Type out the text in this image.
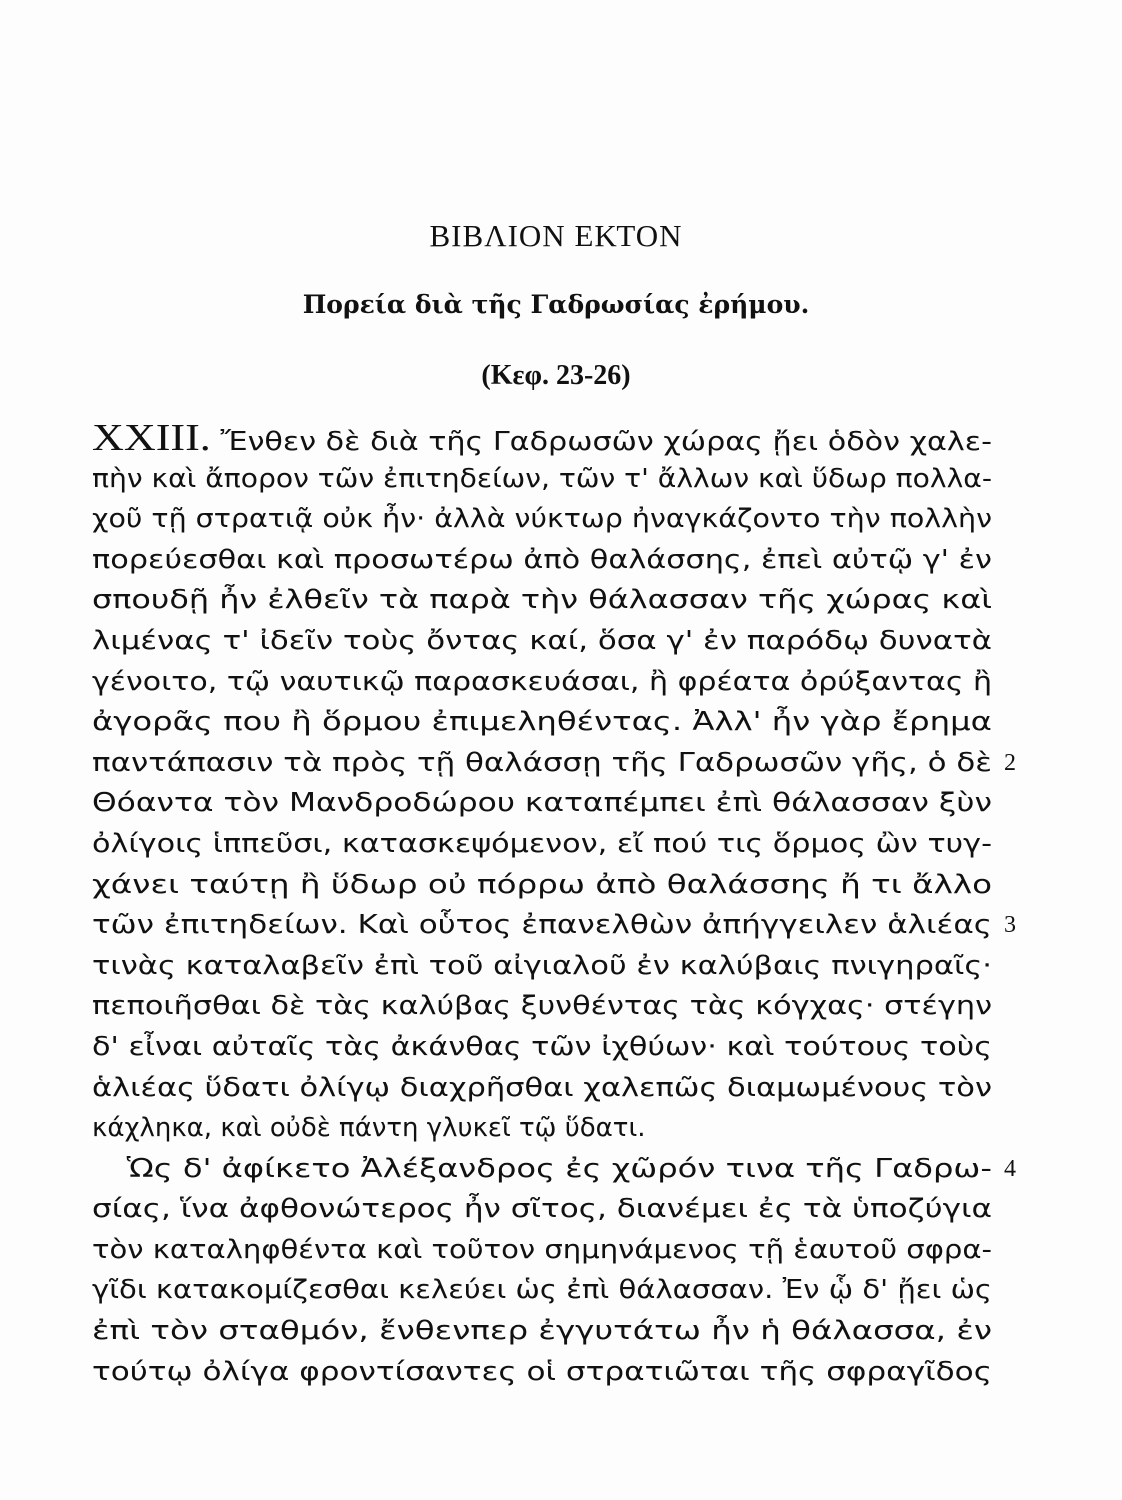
ΒΙΒΛΙΟΝ ΕΚΤΟΝ
Πορεία διὰ τῆς Γαδρωσίας ἐρήμου.
(Κεφ. 23-26)
XXIII. Ἔνθεν δὲ διὰ τῆς Γαδρωσῶν χώρας ᾔει ὁδὸν χαλε-
πὴν καὶ ἄπορον τῶν ἐπιτηδείων, τῶν τ' ἄλλων καὶ ὕδωρ πολλα-
χοῦ τῇ στρατιᾷ οὐκ ἦν· ἀλλὰ νύκτωρ ἠναγκάζοντο τὴν πολλὴν
πορεύεσθαι καὶ προσωτέρω ἀπὸ θαλάσσης, ἐπεὶ αὐτῷ γ' ἐν
σπουδῇ ἦν ἐλθεῖν τὰ παρὰ τὴν θάλασσαν τῆς χώρας καὶ
λιμένας τ' ἰδεῖν τοὺς ὄντας καί, ὅσα γ' ἐν παρόδῳ δυνατὰ
γένοιτο, τῷ ναυτικῷ παρασκευάσαι, ἢ φρέατα ὀρύξαντας ἢ
ἀγορᾶς που ἢ ὅρμου ἐπιμεληθέντας. Ἀλλ' ἦν γὰρ ἔρημα
παντάπασιν τὰ πρὸς τῇ θαλάσσῃ τῆς Γαδρωσῶν γῆς, ὁ δὲ 2
Θόαντα τὸν Μανδροδώρου καταπέμπει ἐπὶ θάλασσαν ξὺν
ὀλίγοις ἱππεῦσι, κατασκεψόμενον, εἴ πού τις ὅρμος ὢν τυγ-
χάνει ταύτῃ ἢ ὕδωρ οὐ πόρρω ἀπὸ θαλάσσης ἤ τι ἄλλο
τῶν ἐπιτηδείων. Καὶ οὗτος ἐπανελθὼν ἀπήγγειλεν ἁλιέας 3
τινὰς καταλαβεῖν ἐπὶ τοῦ αἰγιαλοῦ ἐν καλύβαις πνιγηραῖς·
πεποιῆσθαι δὲ τὰς καλύβας ξυνθέντας τὰς κόγχας· στέγην
δ' εἶναι αὐταῖς τὰς ἀκάνθας τῶν ἰχθύων· καὶ τούτους τοὺς
ἁλιέας ὕδατι ὀλίγῳ διαχρῆσθαι χαλεπῶς διαμωμένους τὸν
κάχληκα, καὶ οὐδὲ πάντη γλυκεῖ τῷ ὕδατι.
Ὡς δ' ἀφίκετο Ἀλέξανδρος ἐς χῶρόν τινα τῆς Γαδρω- 4
σίας, ἵνα ἀφθονώτερος ἦν σῖτος, διανέμει ἐς τὰ ὑποζύγια
τὸν καταληφθέντα καὶ τοῦτον σημηνάμενος τῇ ἑαυτοῦ σφρα-
γῖδι κατακομίζεσθαι κελεύει ὡς ἐπὶ θάλασσαν. Ἐν ᾧ δ' ᾔει ὡς
ἐπὶ τὸν σταθμόν, ἔνθενπερ ἐγγυτάτω ἦν ἡ θάλασσα, ἐν
τούτῳ ὀλίγα φροντίσαντες οἱ στρατιῶται τῆς σφραγῖδος
